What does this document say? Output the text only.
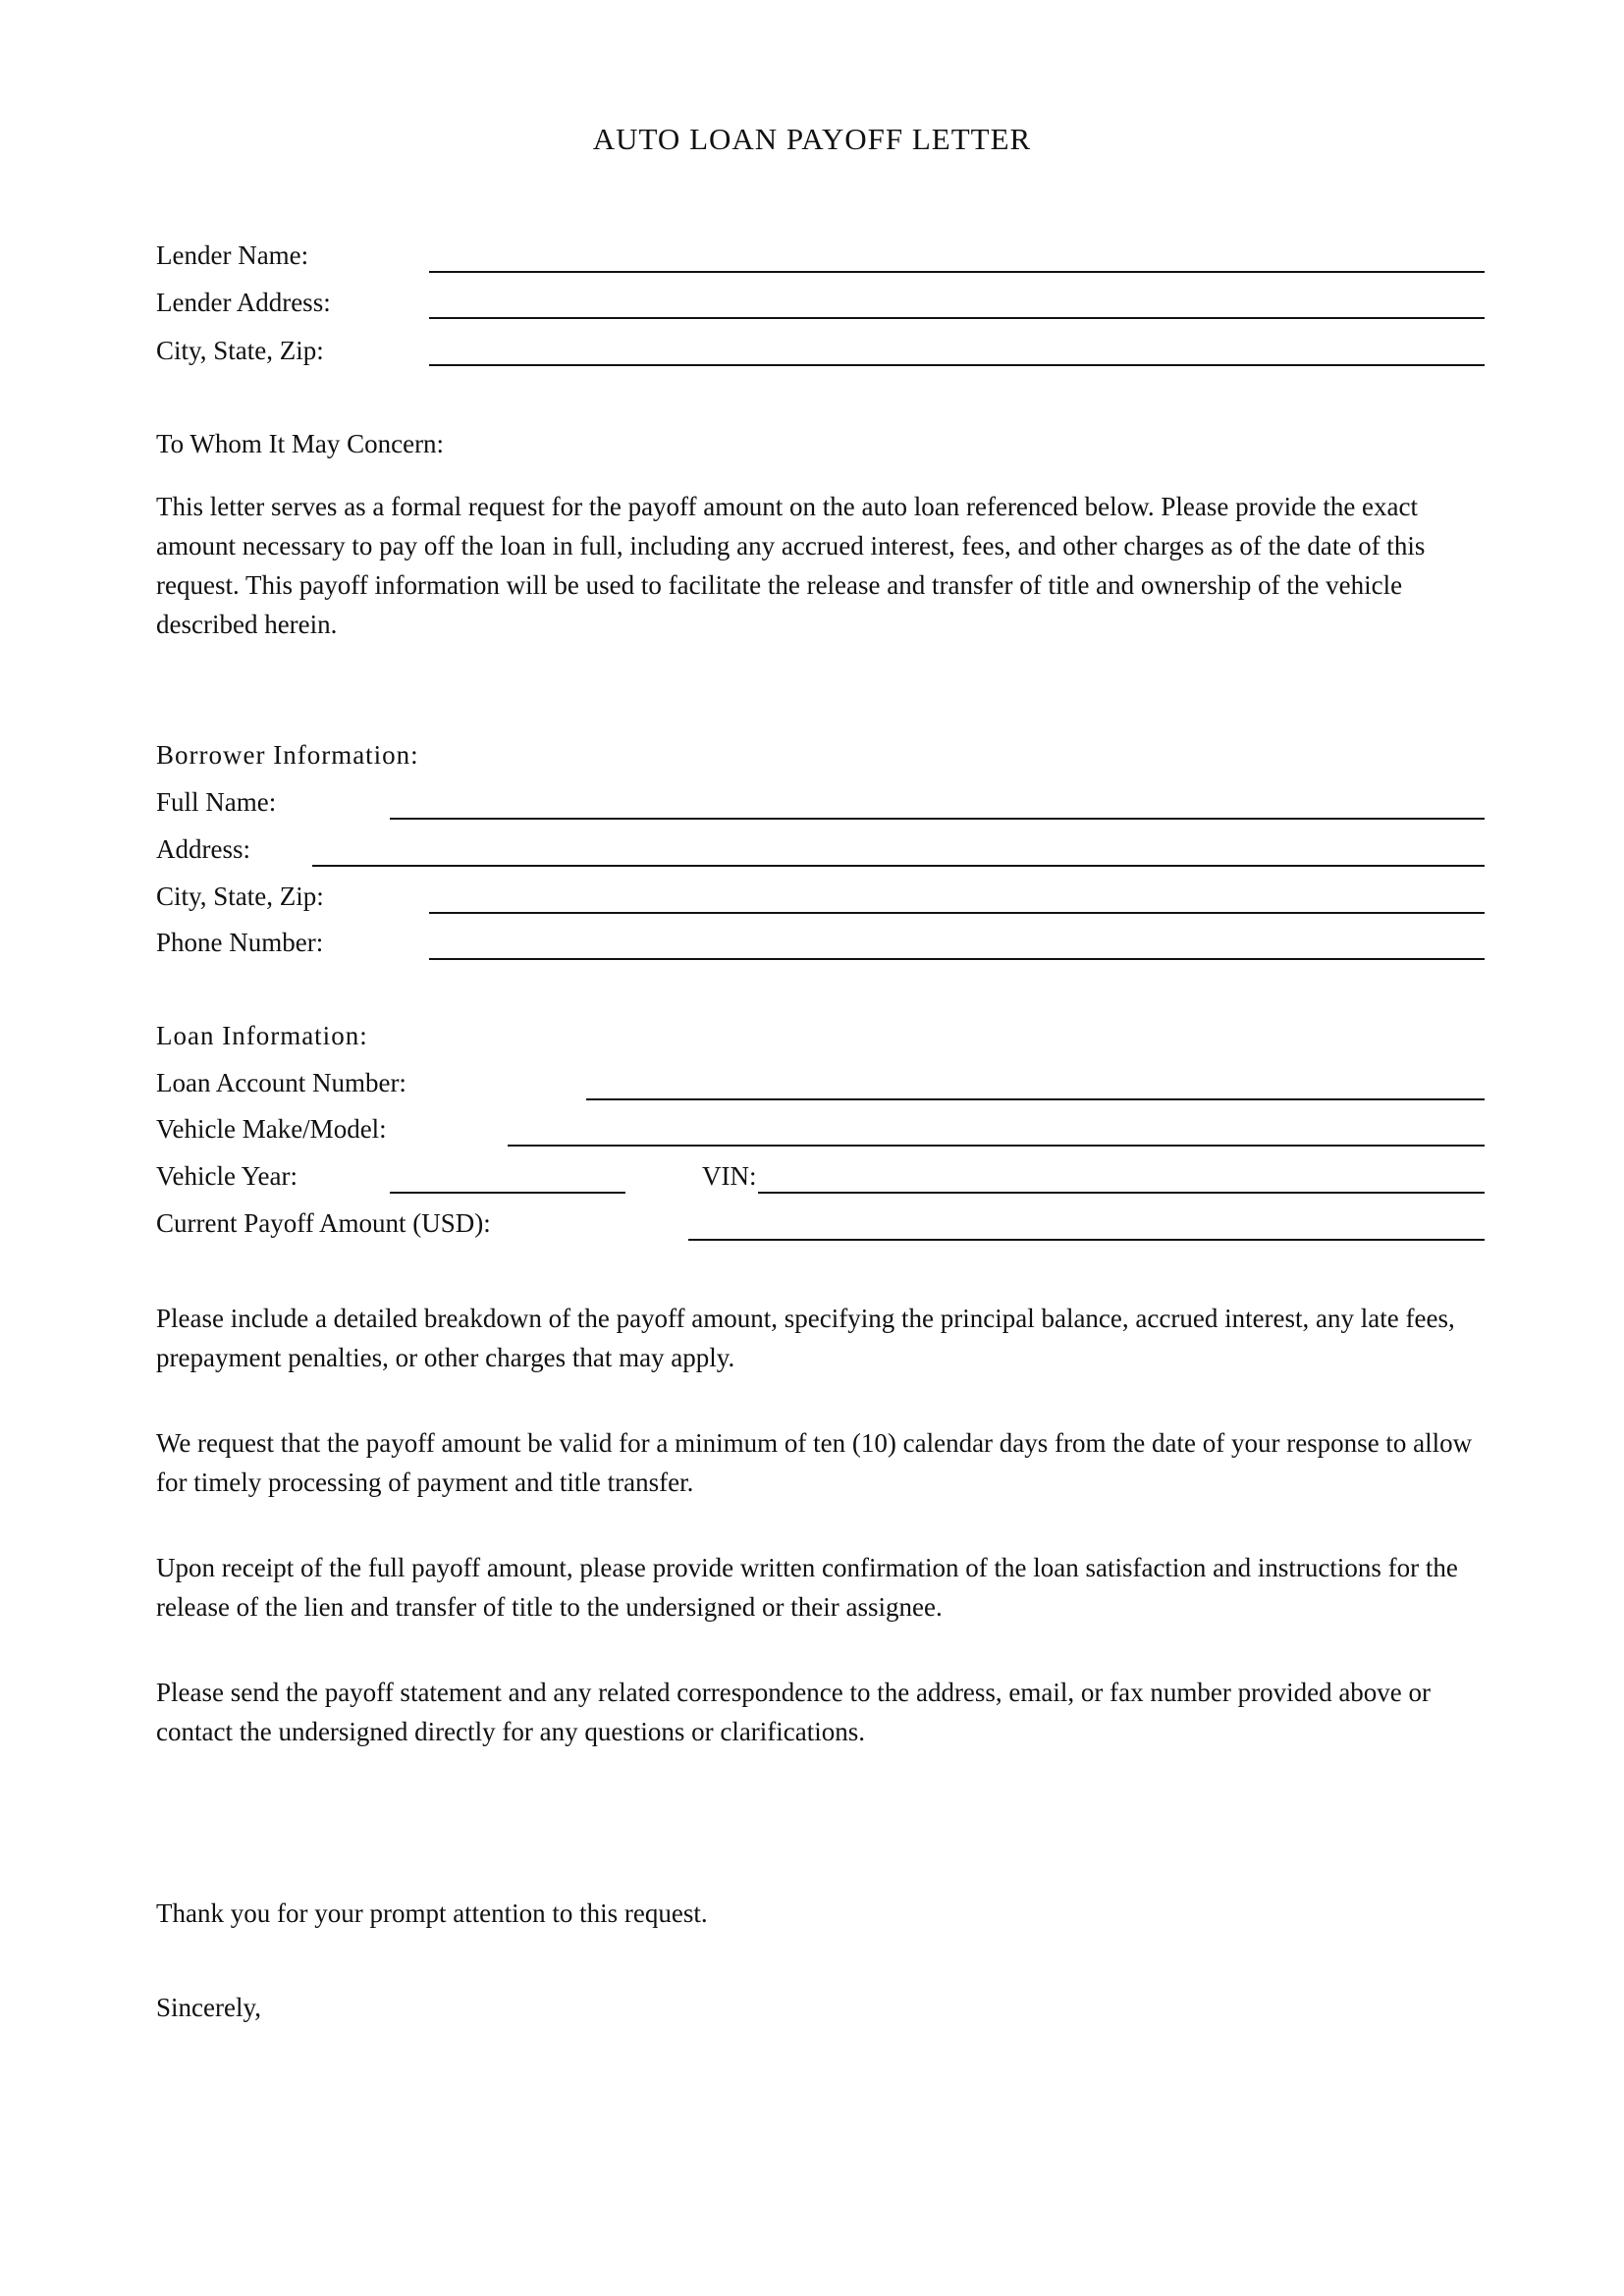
AUTO LOAN PAYOFF LETTER
Lender Name:
Lender Address:
City, State, Zip:
To Whom It May Concern:
This letter serves as a formal request for the payoff amount on the auto loan referenced below. Please provide the exact amount necessary to pay off the loan in full, including any accrued interest, fees, and other charges as of the date of this request. This payoff information will be used to facilitate the release and transfer of title and ownership of the vehicle described herein.
Borrower Information:
Full Name:
Address:
City, State, Zip:
Phone Number:
Loan Information:
Loan Account Number:
Vehicle Make/Model:
Vehicle Year:	VIN:
Current Payoff Amount (USD):
Please include a detailed breakdown of the payoff amount, specifying the principal balance, accrued interest, any late fees, prepayment penalties, or other charges that may apply.
We request that the payoff amount be valid for a minimum of ten (10) calendar days from the date of your response to allow for timely processing of payment and title transfer.
Upon receipt of the full payoff amount, please provide written confirmation of the loan satisfaction and instructions for the release of the lien and transfer of title to the undersigned or their assignee.
Please send the payoff statement and any related correspondence to the address, email, or fax number provided above or contact the undersigned directly for any questions or clarifications.
Thank you for your prompt attention to this request.
Sincerely,
